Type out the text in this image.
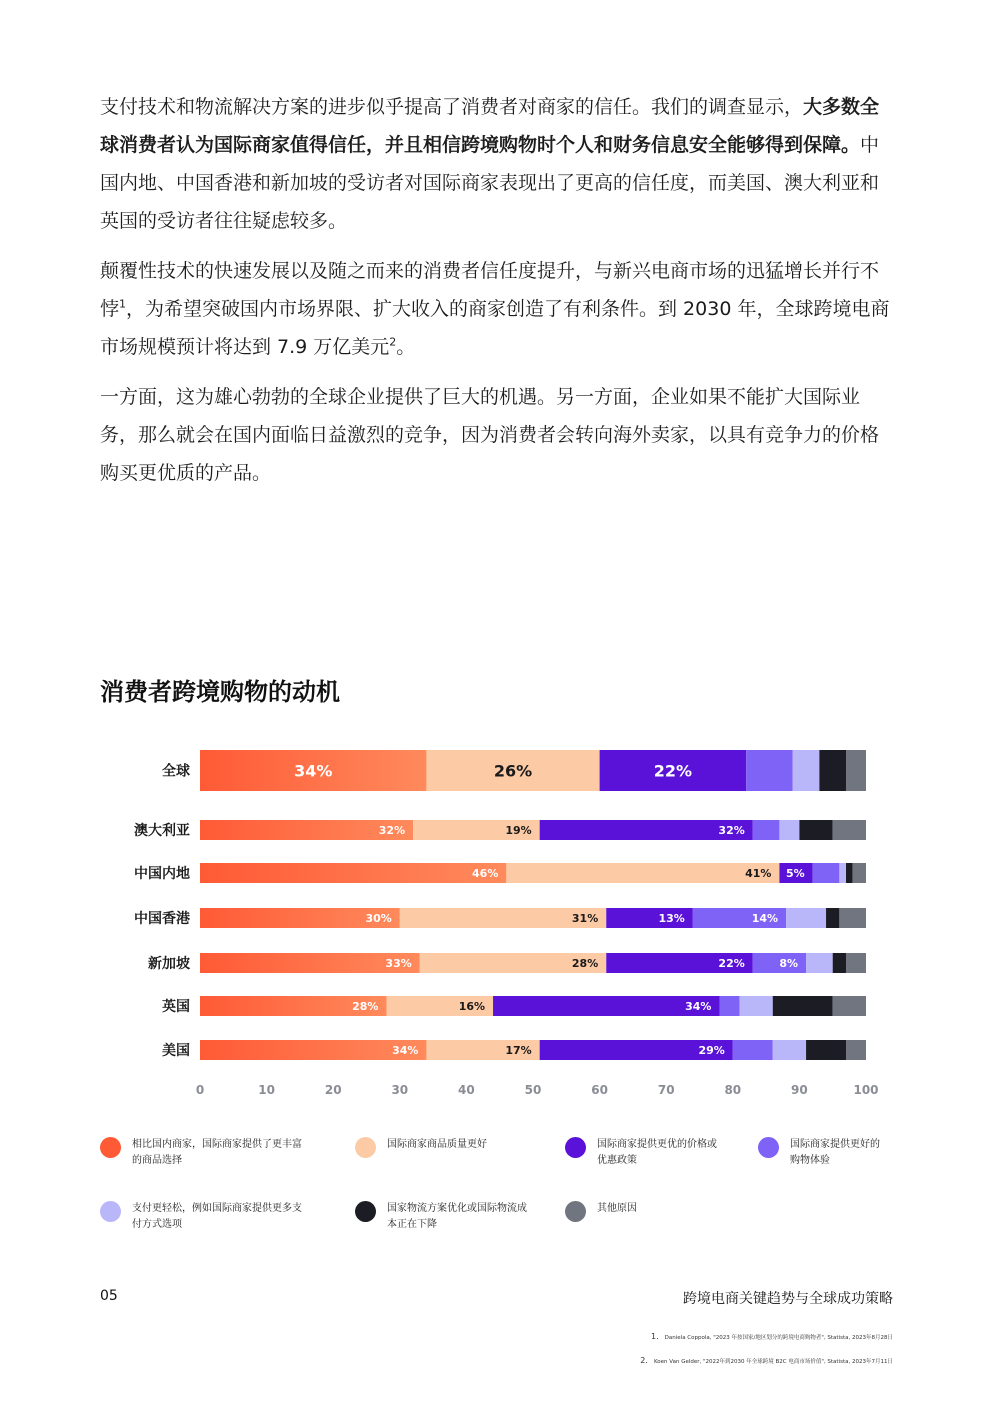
支付技术和物流解决方案的进步似乎提高了消费者对商家的信任。我们的调查显示，大多数全球消费者认为国际商家值得信任，并且相信跨境购物时个人和财务信息安全能够得到保障。中国内地、中国香港和新加坡的受访者对国际商家表现出了更高的信任度，而美国、澳大利亚和英国的受访者往往疑虑较多。

颠覆性技术的快速发展以及随之而来的消费者信任度提升，与新兴电商市场的迅猛增长并行不悖$^1$，为希望突破国内市场界限、扩大收入的商家创造了有利条件。到 2030 年，全球跨境电商市场规模预计将达到 7.9 万亿美元$^2$。

一方面，这为雄心勃勃的全球企业提供了巨大的机遇。另一方面，企业如果不能扩大国际业务，那么就会在国内面临日益激烈的竞争，因为消费者会转向海外卖家，以具有竞争力的价格购买更优质的产品。

消费者跨境购物的动机
全球	34%	26%	22%
澳大利亚	32%	19%	32%
中国内地	46%	41% 5%
中国香港	30%	31%	13%	14%
新加坡	33%	28%	22%	8%
英国	28%	16%	34%
美国	34%	17%	29%
0	10	20	30	40	50	60	70	80	90	100
相比国内商家，国际商家提供了更丰富
的商品选择
国际商家商品质量更好	国际商家提供更优的价格或
优惠政策
国际商家提供更好的
购物体验
支付更轻松，例如国际商家提供更多支
付方式选项
国家物流方案优化或国际物流成
本正在下降
其他原因
05	跨境电商关键趋势与全球成功策略
1. Daniela Coppola, "2023 年按国家/地区划分的跨境电商购物者", Statista, 2023年8月28日
2. Koen Van Gelder, "2022年到2030 年全球跨境 B2C 电商市场价值", Statista, 2023年7月11日
